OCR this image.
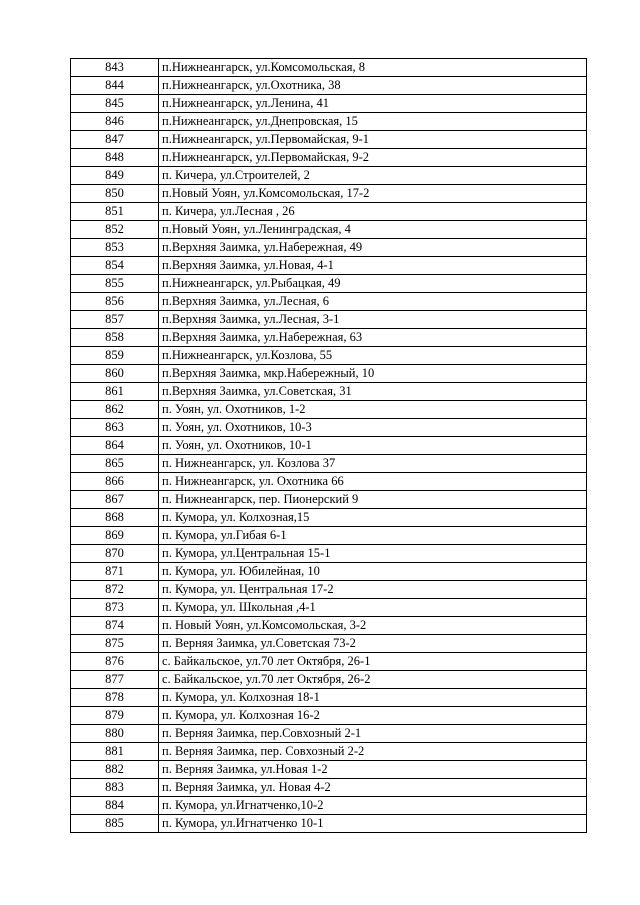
843	п.Нижнеангарск, ул.Комсомольская, 8
844	п.Нижнеангарск, ул.Охотника, 38
845	п.Нижнеангарск, ул.Ленина, 41
846	п.Нижнеангарск, ул.Днепровская, 15
847	п.Нижнеангарск, ул.Первомайская, 9-1
848	п.Нижнеангарск, ул.Первомайская, 9-2
849	п. Кичера, ул.Строителей, 2
850	п.Новый Уоян, ул.Комсомольская, 17-2
851	п. Кичера, ул.Лесная , 26
852	п.Новый Уоян, ул.Ленинградская, 4
853	п.Верхняя Заимка, ул.Набережная, 49
854	п.Верхняя Заимка, ул.Новая, 4-1
855	п.Нижнеангарск, ул.Рыбацкая, 49
856	п.Верхняя Заимка, ул.Лесная, 6
857	п.Верхняя Заимка, ул.Лесная, 3-1
858	п.Верхняя Заимка, ул.Набережная, 63
859	п.Нижнеангарск, ул.Козлова, 55
860	п.Верхняя Заимка, мкр.Набережный, 10
861	п.Верхняя Заимка, ул.Советская, 31
862	п. Уоян, ул. Охотников, 1-2
863	п. Уоян, ул. Охотников, 10-3
864	п. Уоян, ул. Охотников, 10-1
865	п. Нижнеангарск, ул. Козлова 37
866	п. Нижнеангарск, ул. Охотника 66
867	п. Нижнеангарск, пер. Пионерский 9
868	п. Кумора, ул. Колхозная,15
869	п. Кумора, ул.Гибая 6-1
870	п. Кумора, ул.Центральная 15-1
871	п. Кумора, ул. Юбилейная, 10
872	п. Кумора, ул. Центральная 17-2
873	п. Кумора, ул. Школьная ,4-1
874	п. Новый Уоян, ул.Комсомольская, 3-2
875	п. Верняя Заимка, ул.Советская 73-2
876	с. Байкальское, ул.70 лет Октября, 26-1
877	с. Байкальское, ул.70 лет Октября, 26-2
878	п. Кумора, ул. Колхозная 18-1
879	п. Кумора, ул. Колхозная 16-2
880	п. Верняя Заимка, пер.Совхозный 2-1
881	п. Верняя Заимка, пер. Совхозный 2-2
882	п. Верняя Заимка, ул.Новая 1-2
883	п. Верняя Заимка, ул. Новая 4-2
884	п. Кумора, ул.Игнатченко,10-2
885	п. Кумора, ул.Игнатченко 10-1
